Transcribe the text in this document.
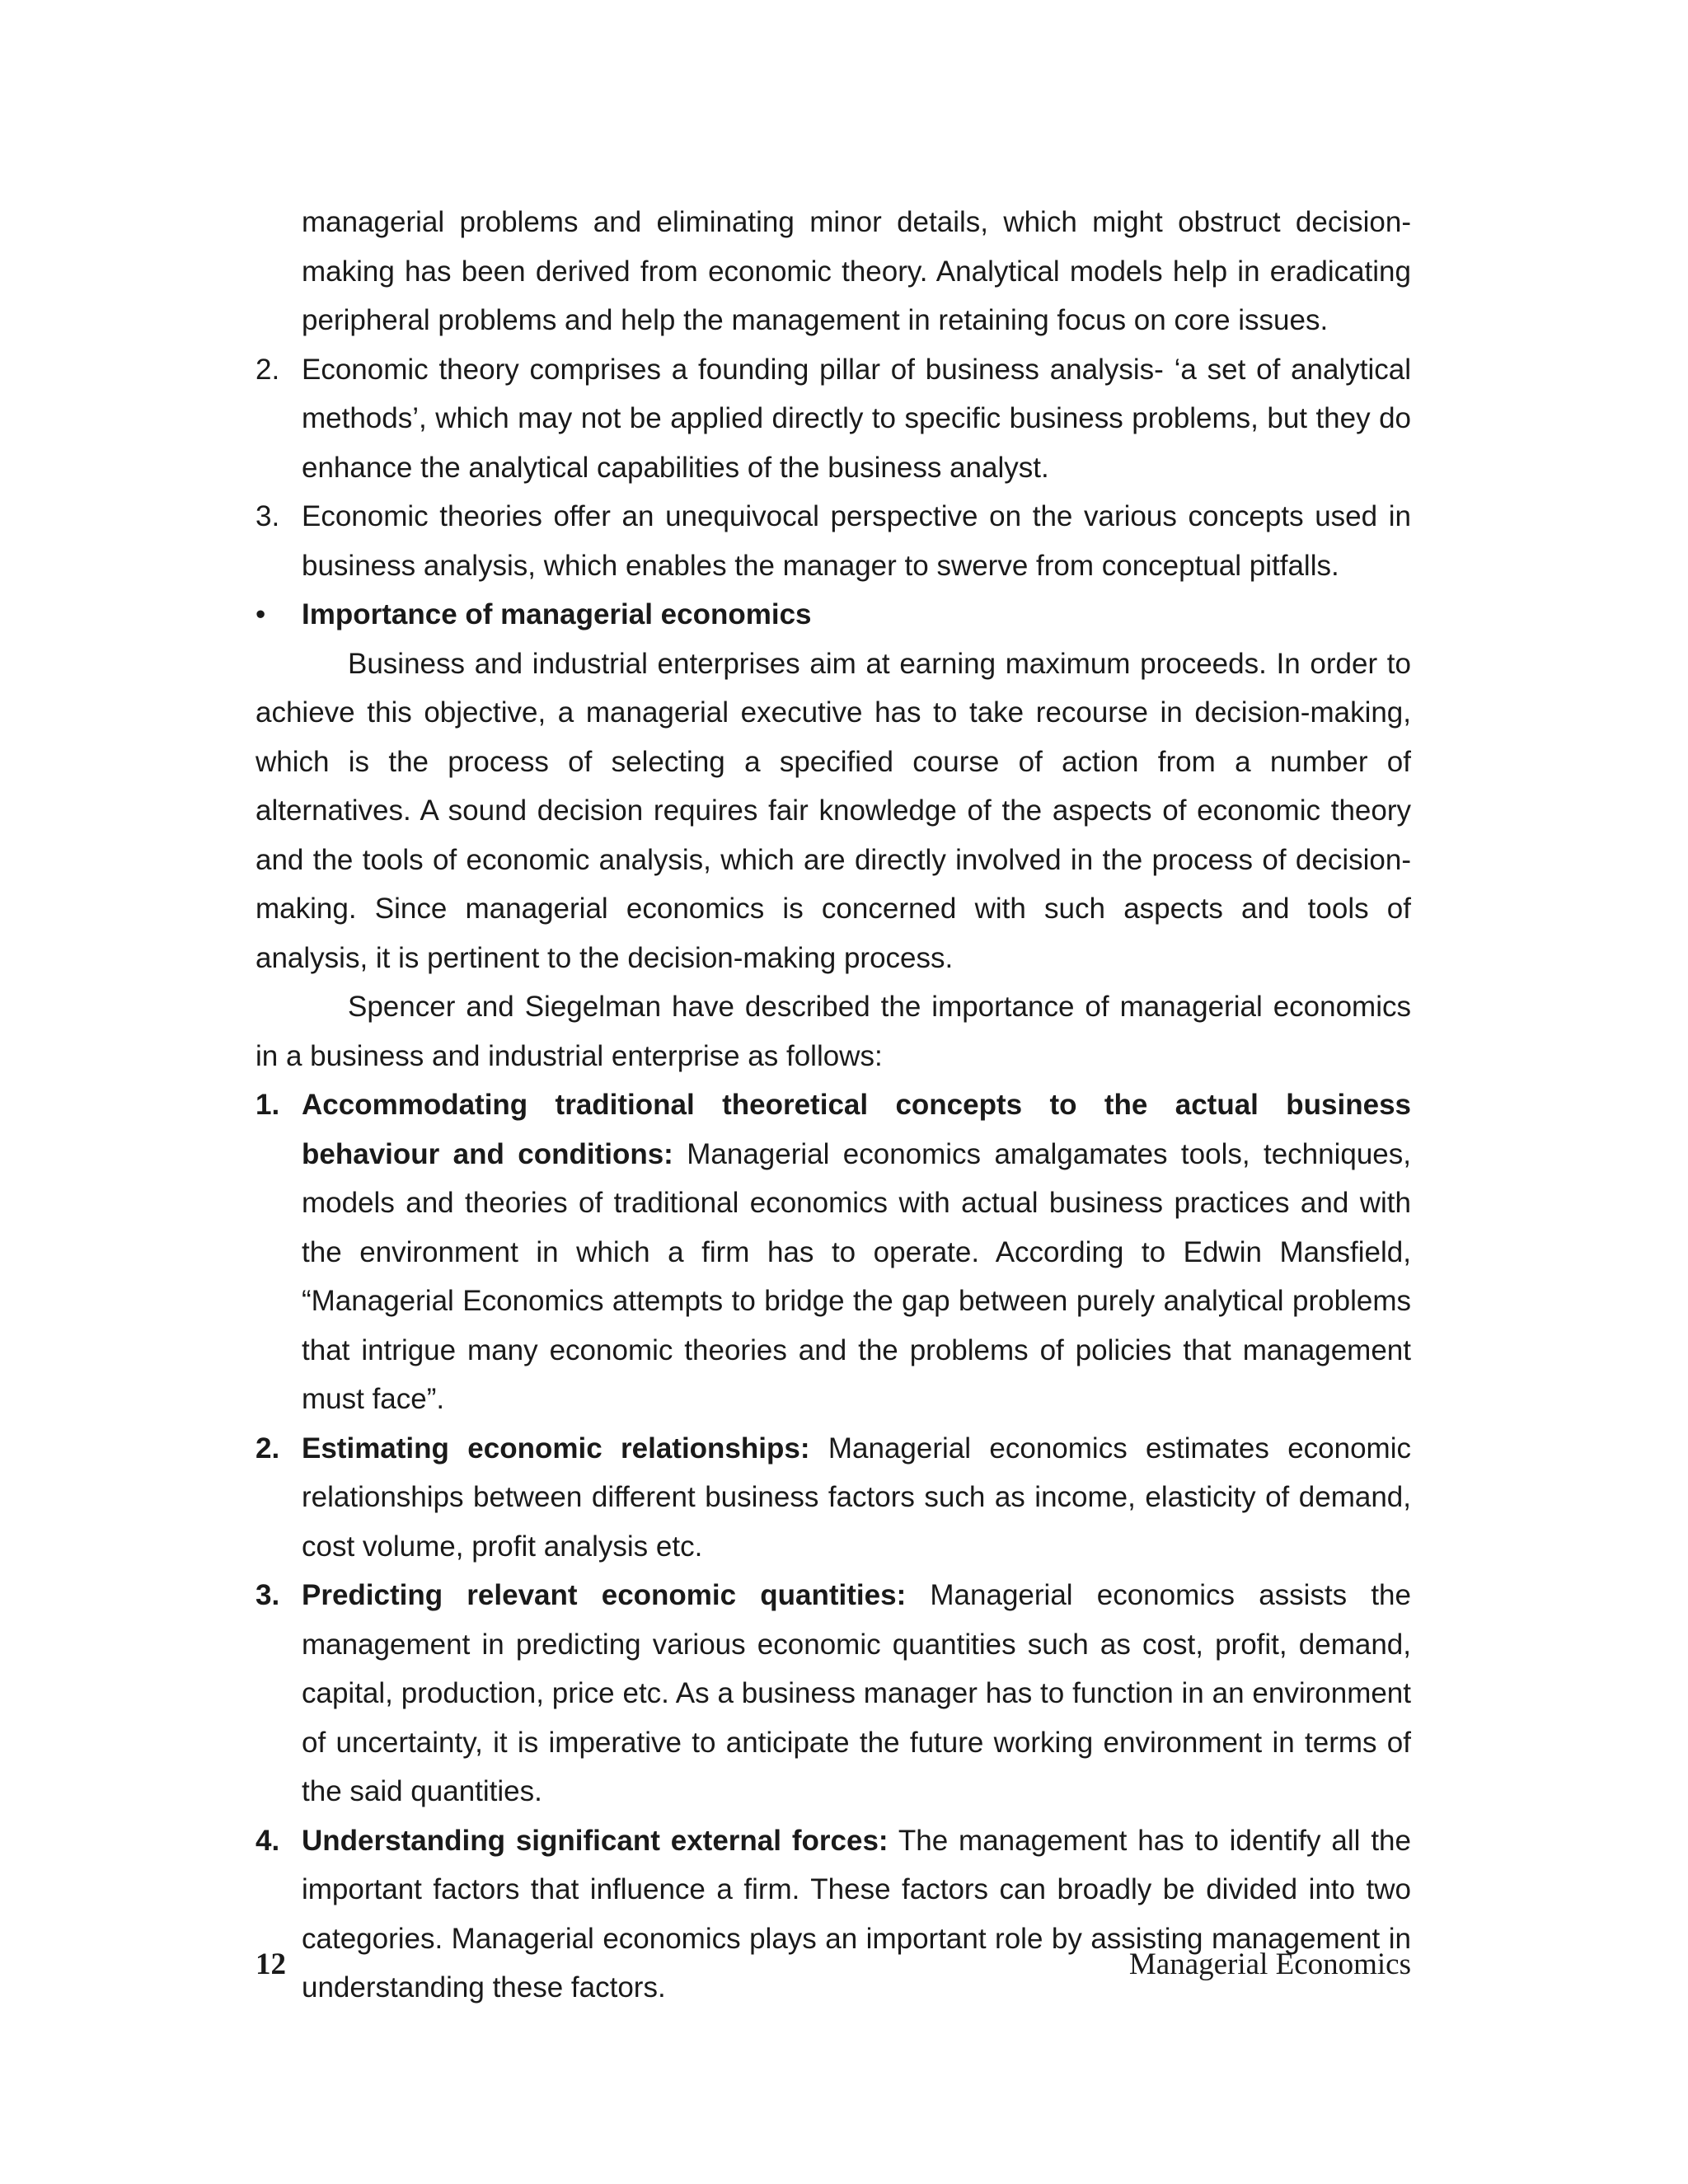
managerial problems and eliminating minor details, which might obstruct decision-making has been derived from economic theory. Analytical models help in eradicating peripheral problems and help the management in retaining focus on core issues.

2. Economic theory comprises a founding pillar of business analysis- ‘a set of analytical methods’, which may not be applied directly to specific business problems, but they do enhance the analytical capabilities of the business analyst.
3. Economic theories offer an unequivocal perspective on the various concepts used in business analysis, which enables the manager to swerve from conceptual pitfalls.
• Importance of managerial economics

Business and industrial enterprises aim at earning maximum proceeds. In order to achieve this objective, a managerial executive has to take recourse in decision-making, which is the process of selecting a specified course of action from a number of alternatives. A sound decision requires fair knowledge of the aspects of economic theory and the tools of economic analysis, which are directly involved in the process of decision-making. Since managerial economics is concerned with such aspects and tools of analysis, it is pertinent to the decision-making process.

Spencer and Siegelman have described the importance of managerial economics in a business and industrial enterprise as follows:

1. Accommodating traditional theoretical concepts to the actual business behaviour and conditions: Managerial economics amalgamates tools, techniques, models and theories of traditional economics with actual business practices and with the environment in which a firm has to operate. According to Edwin Mansfield, “Managerial Economics attempts to bridge the gap between purely analytical problems that intrigue many economic theories and the problems of policies that management must face”.
2. Estimating economic relationships: Managerial economics estimates economic relationships between different business factors such as income, elasticity of demand, cost volume, profit analysis etc.
3. Predicting relevant economic quantities: Managerial economics assists the management in predicting various economic quantities such as cost, profit, demand, capital, production, price etc. As a business manager has to function in an environment of uncertainty, it is imperative to anticipate the future working environment in terms of the said quantities.
4. Understanding significant external forces: The management has to identify all the important factors that influence a firm. These factors can broadly be divided into two categories. Managerial economics plays an important role by assisting management in understanding these factors.
12	Managerial Economics
